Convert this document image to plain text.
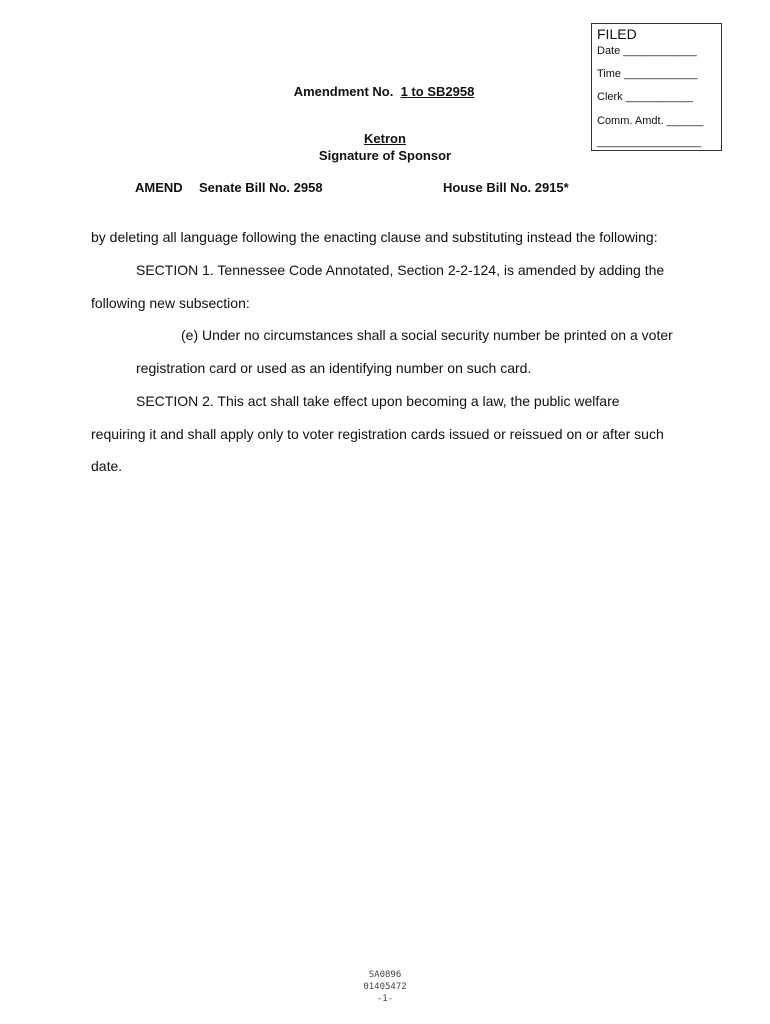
FILED
Date ____________
Time ____________
Clerk ___________
Comm. Amdt. ______
_________________
Amendment No. 1 to SB2958
Ketron
Signature of Sponsor
AMEND Senate Bill No. 2958	House Bill No. 2915*
by deleting all language following the enacting clause and substituting instead the following:
SECTION 1. Tennessee Code Annotated, Section 2-2-124, is amended by adding the
following new subsection:
(e) Under no circumstances shall a social security number be printed on a voter
registration card or used as an identifying number on such card.
SECTION 2. This act shall take effect upon becoming a law, the public welfare
requiring it and shall apply only to voter registration cards issued or reissued on or after such
date.
SA0896
01405472
-1-
